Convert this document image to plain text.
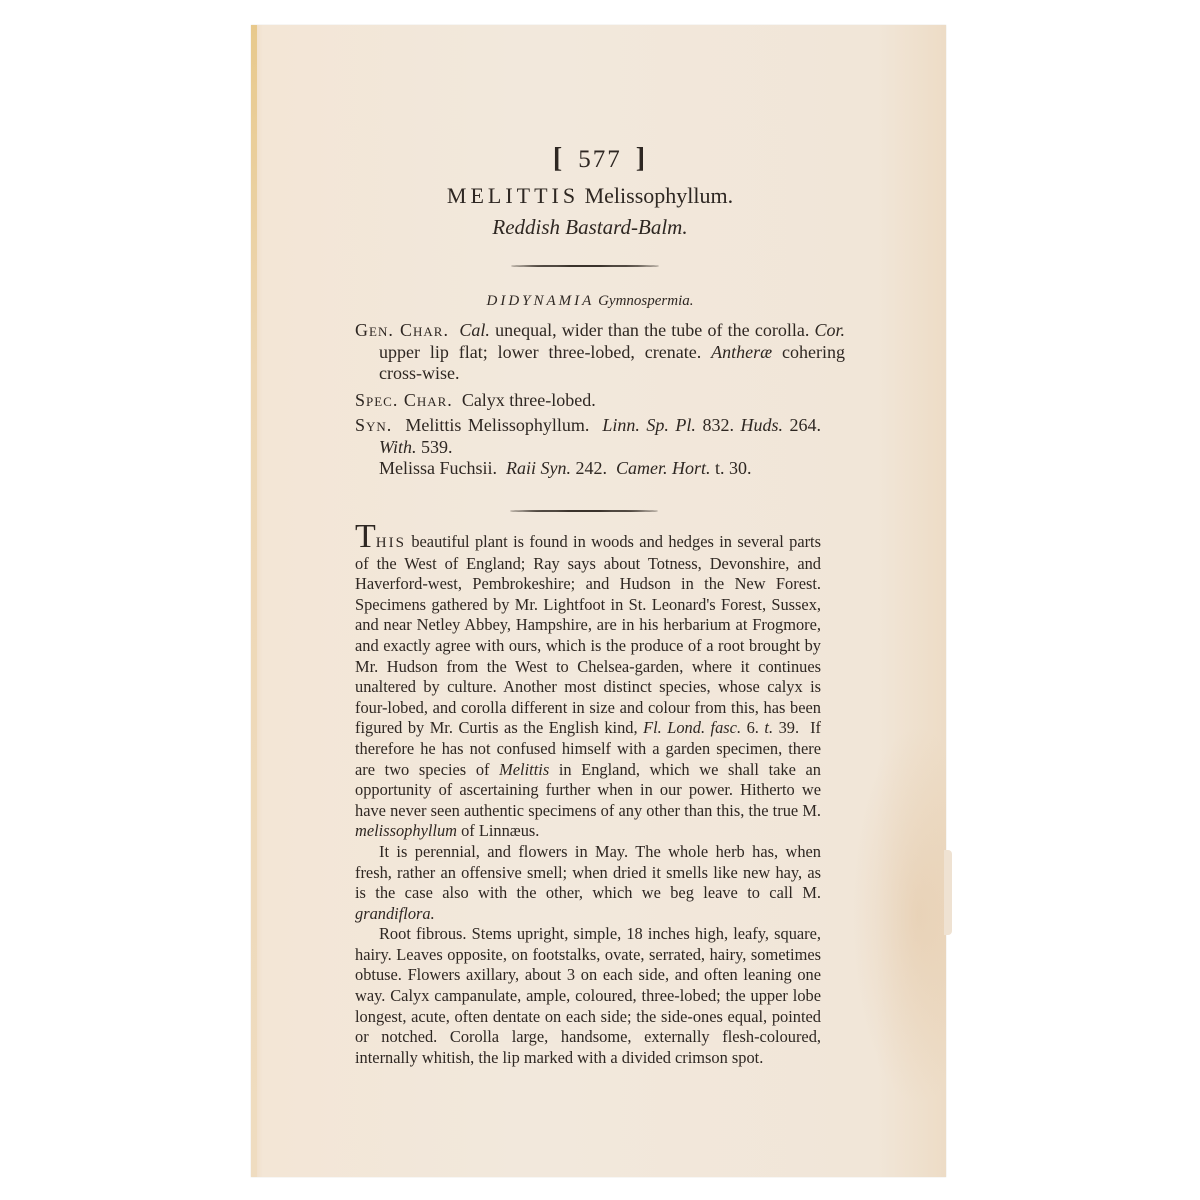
[ 577 ]
MELITTIS Melissophyllum.
Reddish Bastard-Balm.
DIDYNAMIA Gymnospermia.
Gen. Char. Cal. unequal, wider than the tube of the corolla. Cor. upper lip flat; lower three-lobed, crenate. Antheræ cohering cross-wise.
Spec. Char. Calyx three-lobed.
Syn. Melittis Melissophyllum. Linn. Sp. Pl. 832. Huds. 264. With. 539.
Melissa Fuchsii. Raii Syn. 242. Camer. Hort. t. 30.

THIS beautiful plant is found in woods and hedges in several parts of the West of England; Ray says about Totness, Devonshire, and Haverford-west, Pembrokeshire; and Hudson in the New Forest. Specimens gathered by Mr. Lightfoot in St. Leonard's Forest, Sussex, and near Netley Abbey, Hampshire, are in his herbarium at Frogmore, and exactly agree with ours, which is the produce of a root brought by Mr. Hudson from the West to Chelsea-garden, where it continues unaltered by culture. Another most distinct species, whose calyx is four-lobed, and corolla different in size and colour from this, has been figured by Mr. Curtis as the English kind, Fl. Lond. fasc. 6. t. 39. If therefore he has not confused himself with a garden specimen, there are two species of Melittis in England, which we shall take an opportunity of ascertaining further when in our power. Hitherto we have never seen authentic specimens of any other than this, the true M. melissophyllum of Linnæus.

It is perennial, and flowers in May. The whole herb has, when fresh, rather an offensive smell; when dried it smells like new hay, as is the case also with the other, which we beg leave to call M. grandiflora.

Root fibrous. Stems upright, simple, 18 inches high, leafy, square, hairy. Leaves opposite, on footstalks, ovate, serrated, hairy, sometimes obtuse. Flowers axillary, about 3 on each side, and often leaning one way. Calyx campanulate, ample, coloured, three-lobed; the upper lobe longest, acute, often dentate on each side; the side-ones equal, pointed or notched. Corolla large, handsome, externally flesh-coloured, internally whitish, the lip marked with a divided crimson spot.
